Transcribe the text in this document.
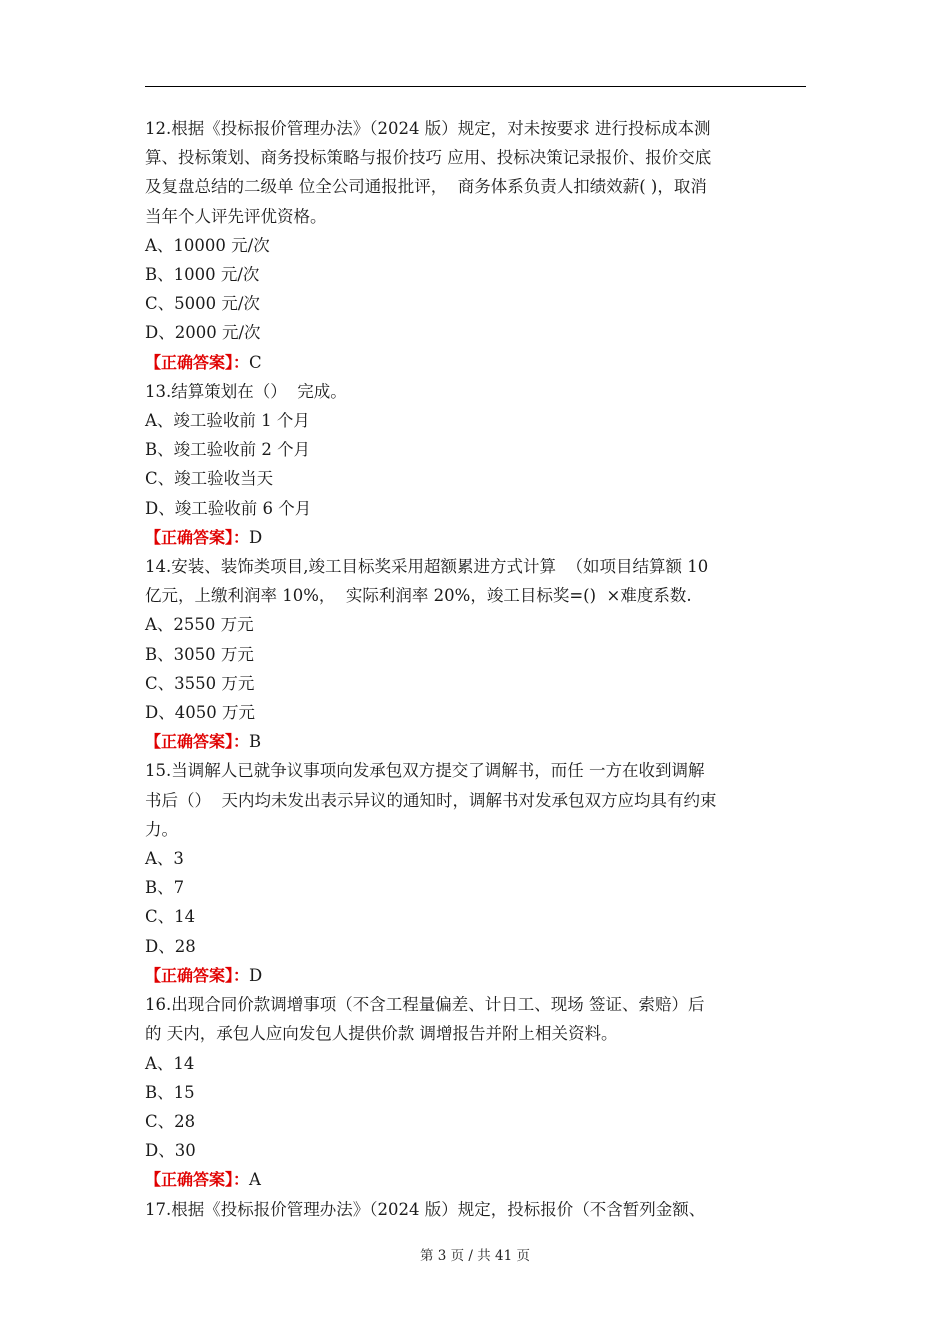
12.根据《投标报价管理办法》（2024 版）规定，对未按要求 进行投标成本测
算、投标策划、商务投标策略与报价技巧 应用、投标决策记录报价、报价交底
及复盘总结的二级单 位全公司通报批评，  商务体系负责人扣绩效薪( )，取消
当年个人评先评优资格。
A、10000 元/次
B、1000 元/次
C、5000 元/次
D、2000 元/次
【正确答案】：C
13.结算策划在（）  完成。
A、竣工验收前 1 个月
B、竣工验收前 2 个月
C、竣工验收当天
D、竣工验收前 6 个月
【正确答案】：D
14.安装、装饰类项目,竣工目标奖采用超额累进方式计算  （如项目结算额 10
亿元，上缴利润率 10%，  实际利润率 20%，竣工目标奖=()  ×难度系数.
A、2550 万元
B、3050 万元
C、3550 万元
D、4050 万元
【正确答案】：B
15.当调解人已就争议事项向发承包双方提交了调解书，而任 一方在收到调解
书后（）  天内均未发出表示异议的通知时，调解书对发承包双方应均具有约束
力。
A、3
B、7
C、14
D、28
【正确答案】：D
16.出现合同价款调增事项（不含工程量偏差、计日工、现场 签证、索赔）后
的 天内，承包人应向发包人提供价款 调增报告并附上相关资料。
A、14
B、15
C、28
D、30
【正确答案】：A
17.根据《投标报价管理办法》（2024 版）规定，投标报价（不含暂列金额、
第 3 页 / 共 41 页
